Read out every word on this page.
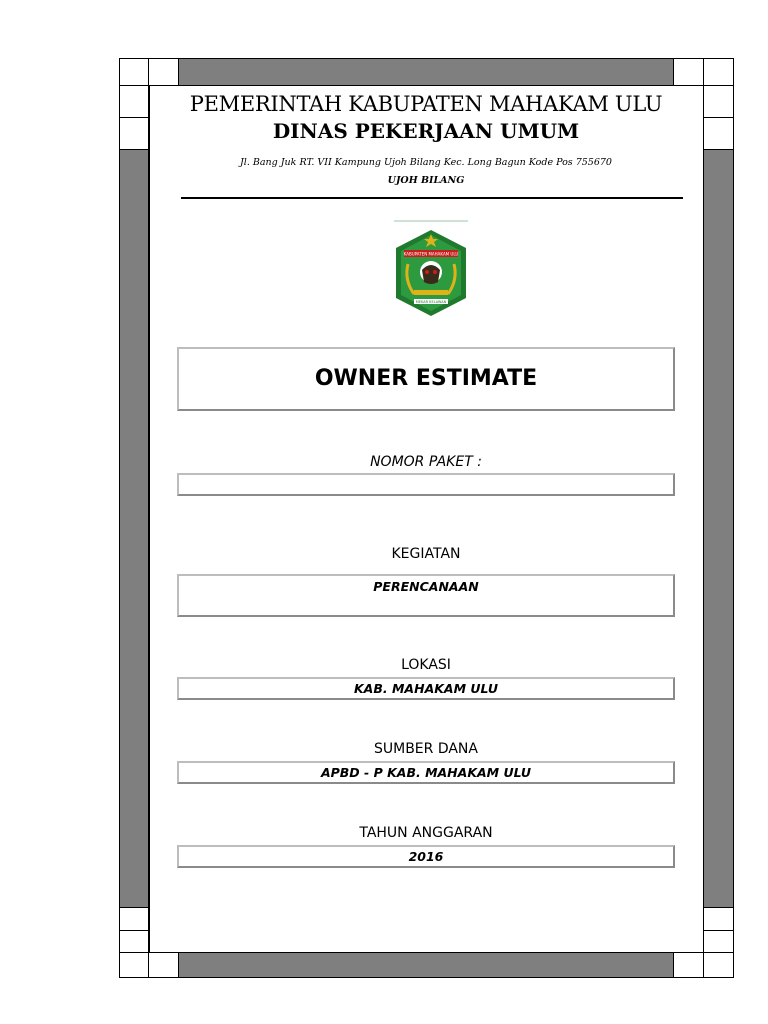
PEMERINTAH KABUPATEN MAHAKAM ULU
DINAS PEKERJAAN UMUM
Jl. Bang Juk RT. VII Kampung Ujoh Bilang Kec. Long Bagun Kode Pos 755670
UJOH BILANG
KABUPATEN MAHAKAM ULU
MEKAR KELAWAN
OWNER ESTIMATE
NOMOR PAKET :
KEGIATAN
PERENCANAAN
LOKASI
KAB. MAHAKAM ULU
SUMBER DANA
APBD - P KAB. MAHAKAM ULU
TAHUN ANGGARAN
2016
